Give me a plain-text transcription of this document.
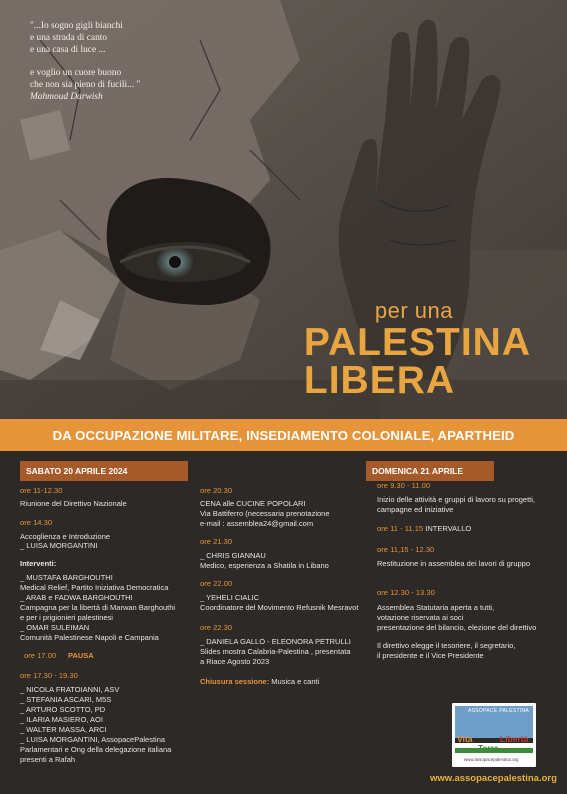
"...Io sogno gigli bianchi

e una strada di canto

e una casa di luce ...

e voglio un cuore buono

che non sia pieno di fucili... "

Mahmoud Darwish

per una
PALESTINA
LIBERA
DA OCCUPAZIONE MILITARE, INSEDIAMENTO COLONIALE, APARTHEID
SABATO 20 APRILE 2024
ore 11-12.30
Riunione del Direttivo Nazionale
ore 14.30
Accoglienza e Introduzione
_ LUISA MORGANTINI
Interventi:
_ MUSTAFA BARGHOUTHI
Medical Relief, Partito Iniziativa Democratica
_ ARAB e FADWA BARGHOUTHI
Campagna per la libertà di Marwan Barghouthi
e per i prigionieri palestinesi
_ OMAR SULEIMAN
Comunità Palestinese Napoli e Campania
ore 17.00 PAUSA
ore 17.30 - 19.30
_ NICOLA FRATOIANNI, ASV
_ STEFANIA ASCARI, M5S
_ ARTURO SCOTTO, PD
_ ILARIA MASIERO, AOI
_ WALTER MASSA, ARCI
_ LUISA MORGANTINI, AssopacePalestina
Parlamentari e Ong della delegazione italiana
presenti a Rafah
ore 20.30
CENA alle CUCINE POPOLARI
Via Battiferro (necessaria prenotazione
e-mail : assemblea24@gmail.com
ore 21.30
_ CHRIS GIANNAU
Medico, esperienza a Shatila in Libano
ore 22.00
_ YEHELI CIALIC
Coordinatore del Movimento Refusnik Mesravot
ore 22.30
_ DANIELA GALLO - ELEONORA PETRULLI
Slides mostra Calabria-Palestina , presentata
a Riace Agosto 2023
Chiusura sessione: Musica e canti
DOMENICA 21 APRILE
ore 9.30 - 11.00
Inizio delle attività e gruppi di lavoro su progetti,
campagne ed iniziative
ore 11 - 11.15 INTERVALLO
ore 11,15 - 12.30
Restituzione in assemblea dei lavori di gruppo
ore 12.30 - 13.30
Assemblea Statutaria aperta a tutti,
votazione riservata ai soci
presentazione del bilancio, elezione del direttivo
Il direttivo elegge il tesoriere, il segretario,
il presidente e il Vice Presidente
ASSOPACE PALESTINA
Vita
Terra
Libertà
www.assopacepalestina.org
www.assopacepalestina.org
